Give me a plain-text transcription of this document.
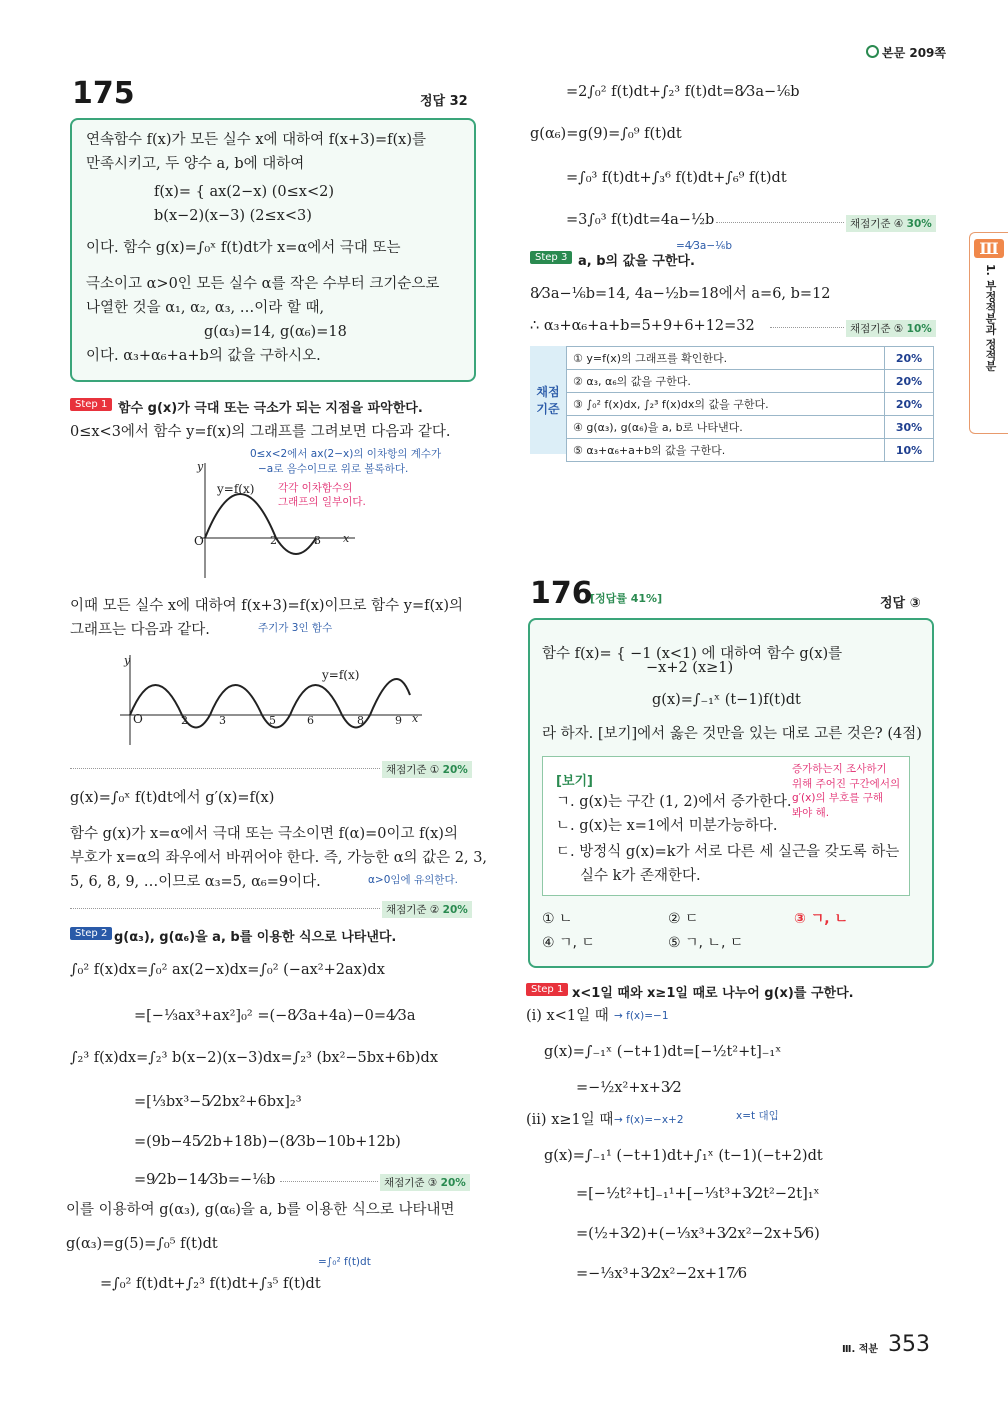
본문 209쪽
Ⅲ
1. 부정적분과 정적분
175	정답 32
연속함수 f(x)가 모든 실수 x에 대하여 f(x+3)=f(x)를
만족시키고, 두 양수 a, b에 대하여
f(x)= { ax(2−x) (0≤x<2)
b(x−2)(x−3) (2≤x<3)
이다. 함수 g(x)=∫₀ˣ f(t)dt가 x=α에서 극대 또는
극소이고 α>0인 모든 실수 α를 작은 수부터 크기순으로
나열한 것을 α₁, α₂, α₃, …이라 할 때,
g(α₃)=14, g(α₆)=18
이다. α₃+α₆+a+b의 값을 구하시오.
Step 1 함수 g(x)가 극대 또는 극소가 되는 지점을 파악한다.
0≤x<3에서 함수 y=f(x)의 그래프를 그려보면 다음과 같다.
0≤x<2에서 ax(2−x)의 이차항의 계수가
−a로 음수이므로 위로 볼록하다.
y
x
y=f(x)
O	2	3
각각 이차함수의
그래프의 일부이다.
이때 모든 실수 x에 대하여 f(x+3)=f(x)이므로 함수 y=f(x)의
그래프는 다음과 같다.	주기가 3인 함수
y
x
y=f(x)
O	2	3	5	6	8	9
채점기준 ① 20%
g(x)=∫₀ˣ f(t)dt에서 g′(x)=f(x)
함수 g(x)가 x=α에서 극대 또는 극소이면 f(α)=0이고 f(x)의
부호가 x=α의 좌우에서 바뀌어야 한다. 즉, 가능한 α의 값은 2, 3,
5, 6, 8, 9, …이므로 α₃=5, α₆=9이다.	α>0임에 유의한다.
채점기준 ② 20%
Step 2 g(α₃), g(α₆)을 a, b를 이용한 식으로 나타낸다.
∫₀² f(x)dx=∫₀² ax(2−x)dx=∫₀² (−ax²+2ax)dx
=[−⅓ax³+ax²]₀² =(−8⁄3a+4a)−0=4⁄3a
∫₂³ f(x)dx=∫₂³ b(x−2)(x−3)dx=∫₂³ (bx²−5bx+6b)dx
=[⅓bx³−5⁄2bx²+6bx]₂³
=(9b−45⁄2b+18b)−(8⁄3b−10b+12b)
=9⁄2b−14⁄3b=−⅙b	채점기준 ③ 20%
이를 이용하여 g(α₃), g(α₆)을 a, b를 이용한 식으로 나타내면
g(α₃)=g(5)=∫₀⁵ f(t)dt
=∫₀² f(t)dt
=∫₀² f(t)dt+∫₂³ f(t)dt+∫₃⁵ f(t)dt
=2∫₀² f(t)dt+∫₂³ f(t)dt=8⁄3a−⅙b
g(α₆)=g(9)=∫₀⁹ f(t)dt
=∫₀³ f(t)dt+∫₃⁶ f(t)dt+∫₆⁹ f(t)dt
=3∫₀³ f(t)dt=4a−½b
=4⁄3a−⅙b
채점기준 ④ 30%
Step 3 a, b의 값을 구한다.
8⁄3a−⅙b=14, 4a−½b=18에서 a=6, b=12
∴ α₃+α₆+a+b=5+9+6+12=32	채점기준 ⑤ 10%
채점 기준
① y=f(x)의 그래프를 확인한다.	20%
② α₃, α₆의 값을 구한다.	20%
③ ∫₀² f(x)dx, ∫₂³ f(x)dx의 값을 구한다.	20%
④ g(α₃), g(α₆)을 a, b로 나타낸다.	30%
⑤ α₃+α₆+a+b의 값을 구한다.	10%
176
[정답률 41%]	정답 ③
함수 f(x)= { −1 (x<1) 에 대하여 함수 g(x)를
−x+2 (x≥1)
g(x)=∫₋₁ˣ (t−1)f(t)dt
라 하자. [보기]에서 옳은 것만을 있는 대로 고른 것은? (4점)
[보기]
ㄱ. g(x)는 구간 (1, 2)에서 증가한다.
ㄴ. g(x)는 x=1에서 미분가능하다.
ㄷ. 방정식 g(x)=k가 서로 다른 세 실근을 갖도록 하는
실수 k가 존재한다.
증가하는지 조사하기
위해 주어진 구간에서의
g′(x)의 부호를 구해
봐야 해.
① ㄴ	② ㄷ	③ ㄱ, ㄴ
④ ㄱ, ㄷ	⑤ ㄱ, ㄴ, ㄷ
Step 1 x<1일 때와 x≥1일 때로 나누어 g(x)를 구한다.
(i) x<1일 때 → f(x)=−1
g(x)=∫₋₁ˣ (−t+1)dt=[−½t²+t]₋₁ˣ
=−½x²+x+3⁄2
(ii) x≥1일 때 → f(x)=−x+2	x=t 대입
g(x)=∫₋₁¹ (−t+1)dt+∫₁ˣ (t−1)(−t+2)dt
=[−½t²+t]₋₁¹+[−⅓t³+3⁄2t²−2t]₁ˣ
=(½+3⁄2)+(−⅓x³+3⁄2x²−2x+5⁄6)
=−⅓x³+3⁄2x²−2x+17⁄6
Ⅲ. 적분 353
